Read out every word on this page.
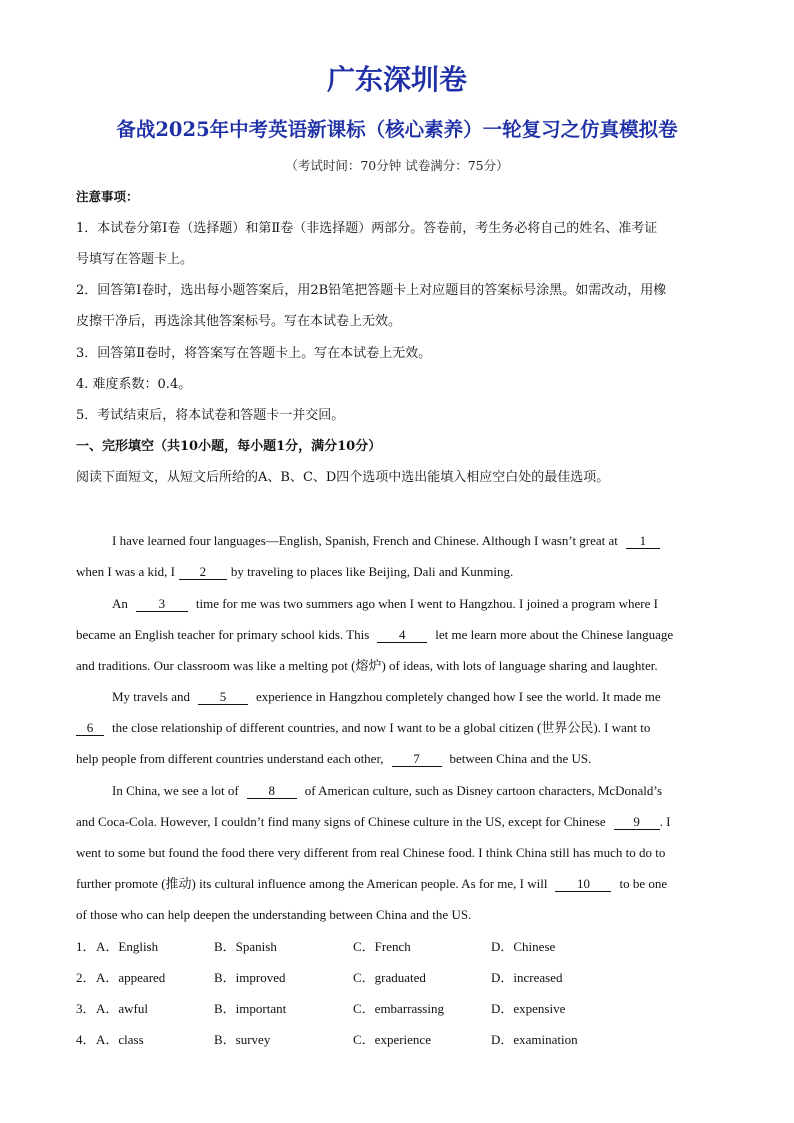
广东深圳卷
备战2025年中考英语新课标（核心素养）一轮复习之仿真模拟卷
（考试时间：70分钟 试卷满分：75分）
注意事项：
1．本试卷分第Ⅰ卷（选择题）和第Ⅱ卷（非选择题）两部分。答卷前，考生务必将自己的姓名、准考证
号填写在答题卡上。
2．回答第Ⅰ卷时，选出每小题答案后，用2B铅笔把答题卡上对应题目的答案标号涂黑。如需改动，用橡
皮擦干净后，再选涂其他答案标号。写在本试卷上无效。
3．回答第Ⅱ卷时，将答案写在答题卡上。写在本试卷上无效。
4. 难度系数：0.4。
5．考试结束后，将本试卷和答题卡一并交回。
一、完形填空（共10小题，每小题1分，满分10分）
阅读下面短文，从短文后所给的A、B、C、D四个选项中选出能填入相应空白处的最佳选项。
I have learned four languages—English, Spanish, French and Chinese. Although I wasn’t great at 1
when I was a kid, I 2 by traveling to places like Beijing, Dali and Kunming.
An 3 time for me was two summers ago when I went to Hangzhou. I joined a program where I
became an English teacher for primary school kids. This 4 let me learn more about the Chinese language
and traditions. Our classroom was like a melting pot (熔炉) of ideas, with lots of language sharing and laughter.
My travels and 5 experience in Hangzhou completely changed how I see the world. It made me
6 the close relationship of different countries, and now I want to be a global citizen (世界公民). I want to
help people from different countries understand each other, 7 between China and the US.
In China, we see a lot of 8 of American culture, such as Disney cartoon characters, McDonald’s
and Coca-Cola. However, I couldn’t find many signs of Chinese culture in the US, except for Chinese 9 . I
went to some but found the food there very different from real Chinese food. I think China still has much to do to
further promote (推动) its cultural influence among the American people. As for me, I will 10 to be one
of those who can help deepen the understanding between China and the US.
1． A．English	B．Spanish	C．French	D．Chinese
2． A．appeared	B．improved	C．graduated	D．increased
3． A．awful	B．important	C．embarrassing	D．expensive
4． A．class	B．survey	C．experience	D．examination
